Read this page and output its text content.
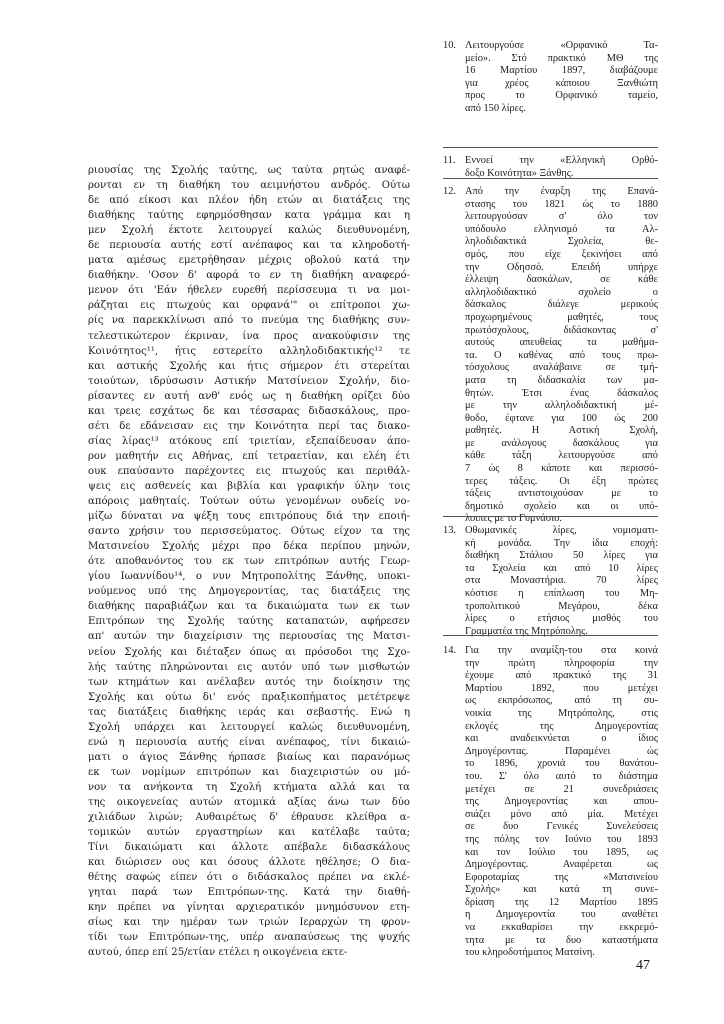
ριουσίας της Σχολής ταύτης, ως ταύτα ρητώς αναφέ-
ρονται εν τη διαθήκη του αειμνήστου ανδρός. Ούτω
δε από είκοσι και πλέον ήδη ετών αι διατάξεις της
διαθήκης ταύτης εφηρμόσθησαν κατα γράμμα και η
μεν Σχολή έκτοτε λειτουργεί καλώς διευθυνομένη,
δε περιουσία αυτής εστί ανέπαφος και τα κληροδοτή-
ματα αμέσως εμετρήθησαν μέχρις οβολού κατά την
διαθήκην. 'Οσον δ' αφορά το εν τη διαθήκη αναφερό-
μενον ότι 'Εάν ήθελεν ευρεθή περίσσευμα τι να μοι-
ράζηται εις πτωχούς και ορφανά'" οι επίτροποι χω-
ρίς να παρεκκλίνωσι από το πνεύμα της διαθήκης συν-
τελεστικώτερον έκριναν, ίνα προς ανακούφισιν της
Κοινότητος¹¹, ήτις εστερείτο αλληλοδιδακτικής¹² τε
και αστικής Σχολής και ήτις σήμερον έτι στερείται
τοιούτων, ιδρύσωσιν Αστικήν Ματσίνειον Σχολήν, διο-
ρίσαντες εν αυτή ανθ' ενός ως η διαθήκη ορίζει δύο
και τρεις εσχάτως δε και τέσσαρας διδασκάλους, προ-
σέτι δε εδάνεισαν εις την Κοινότητα περί τας διακο-
σίας λίρας¹³ ατόκους επί τριετίαν, εξεπαίδευσαν άπο-
ρον μαθητήν εις Αθήνας, επί τετραετίαν, και ελέη έτι
ουκ επαύσαντο παρέχοντες εις πτωχούς και περιθάλ-
ψεις εις ασθενείς και βιβλία και γραφικήν ύλην τοις
απόροις μαθηταίς. Τούτων ούτω γενομένων ουδείς νο-
μίζω δύναται να ψέξη τους επιτρόπους διά την εποιή-
σαντο χρήσιν του περισσεύματος. Ούτως είχον τα της
Ματσινείου Σχολής μέχρι προ δέκα περίπου μηνών,
ότε αποθανόντος του εκ των επιτρόπων αυτής Γεωρ-
γίου Ιωαννίδου¹⁴, ο νυν Μητροπολίτης Ξάνθης, υποκι-
νούμενος υπό της Δημογεροντίας, τας διατάξεις της
διαθήκης παραβιάζων και τα δικαιώματα των εκ των
Επιτρόπων της Σχολής ταύτης καταπατών, αφήρεσεν
απ' αυτών την διαχείρισιν της περιουσίας της Ματσι-
νείου Σχολής και διέταξεν όπως αι πρόσοδοι της Σχο-
λής ταύτης πληρώνονται εις αυτόν υπό των μισθωτών
των κτημάτων και ανέλαβεν αυτός την διοίκησιν της
Σχολής και ούτω δι' ενός πραξικοπήματος μετέτρεψε
τας διατάξεις διαθήκης ιεράς και σεβαστής. Ενώ η
Σχολή υπάρχει και λειτουργεί καλώς διευθυνομένη,
ενώ η περιουσία αυτής είναι ανέπαφος, τίνι δικαιώ-
ματι ο άγιος Ξάνθης ήρπασε βιαίως και παρανόμως
εκ των νομίμων επιτρόπων και διαχειριστών ου μό-
νον τα ανήκοντα τη Σχολή κτήματα αλλά και τα
της οικογενείας αυτών ατομικά αξίας άνω των δύο
χιλιάδων λιρών; Αυθαιρέτως δ' έθραυσε κλείθρα α-
τομικών αυτών εργαστηρίων και κατέλαβε ταύτα;
Τίνι δικαιώματι και άλλοτε απέβαλε διδασκάλους
και διώρισεν ους και όσους άλλοτε ηθέλησε; Ο δια-
θέτης σαφώς είπεν ότι ο διδάσκαλος πρέπει να εκλέ-
γηται παρά των Επιτρόπων-της. Κατά την διαθή-
κην πρέπει να γίνηται αρχιερατικόν μνημόσυνον ετη-
σίως και την ημέραν των τριών Ιεραρχών τη φρον-
τίδι των Επιτρόπων-της, υπέρ αναπαύσεως της ψυχής
αυτού, όπερ επί 25/ετίαν ετέλει η οικογένεια εκτε-
10. Λειτουργούσε «Ορφανικό Τα-
μείο». Στό πρακτικό ΜΘ της
16 Μαρτίου 1897, διαβάζουμε
για χρέος κάποιου Ξανθιώτη
προς το Ορφανικό ταμείο,
από 150 λίρες.
11. Εννοεί την «Ελληνική Ορθό-
δοξο Κοινότητα» Ξάνθης.
12. Από την έναρξη της Επανά-
στασης του 1821 ώς το 1880
λειτουργούσαν σ' όλο τον
υπόδουλο ελληνισμό τα Αλ-
ληλοδιδακτικά Σχολεία, θε-
σμός, που είχε ξεκινήσει από
την Οδησσό. Επειδή υπήρχε
έλλειψη δασκάλων, σε κάθε
αλληλοδιδακτικό σχολείο ο
δάσκαλος διάλεγε μερικούς
προχωρημένους μαθητές, τους
πρωτόσχολους, διδάσκοντας σ'
αυτούς απευθείας τα μαθήμα-
τα. Ο καθένας από τους πρω-
τόσχολους αναλάβαινε σε τμή-
ματα τη διδασκαλία των μα-
θητών. Έτσι ένας δάσκαλος
με την αλληλοδιδακτική μέ-
θοδο, έφτανε για 100 ώς 200
μαθητές. Η Αστική Σχολή,
με ανάλογους δασκάλους για
κάθε τάξη λειτουργούσε από
7 ώς 8 κάποτε και περισσό-
τερες τάξεις. Οι έξη πρώτες
τάξεις αντιστοιχούσαν με το
δημοτικό σχολείο και οι υπό-
λοιπες με το Γυμνάσιο.
13. Οθωμανικές λίρες, νομισματι-
κή μονάδα. Την ίδια εποχή:
διαθήκη Στάλιου 50 λίρες για
τα Σχολεία και από 10 λίρες
στα Μοναστήρια. 70 λίρες
κόστισε η επίπλωση του Μη-
τροπολιτικού Μεγάρου, δέκα
λίρες ο ετήσιος μισθός του
Γραμματέα της Μητρόπολης.
14. Για την αναμίξη-του στα κοινά
την πρώτη πληροφορία την
έχουμε από πρακτικό της 31
Μαρτίου 1892, που μετέχει
ως εκπρόσωπος, από τη συ-
νοικία της Μητρόπολης, στις
εκλογές της Δημογεροντίας
και αναδεικνύεται ο ίδιος
Δημογέροντας. Παραμένει ώς
το 1896, χρονιά του θανάτου-
του. Σ' όλο αυτό το διάστημα
μετέχει σε 21 συνεδριάσεις
της Δημογεροντίας και απου-
σιάζει μόνο από μία. Μετέχει
σε δυο Γενικές Συνελεύσεις
της πόλης τον Ιούνιο του 1893
και τον Ιούλιο του 1895, ως
Δημογέροντας. Αναφέρεται ως
Εφορotαμίας της «Ματσινείου
Σχολής» και κατά τη συνε-
δρίαση της 12 Μαρτίου 1895
η Δημογεροντία του αναθέτει
να εκκαθαρίσει την εκκρεμό-
τητα με τα δυο καταστήματα
του κληροδοτήματος Ματσίνη.
47
